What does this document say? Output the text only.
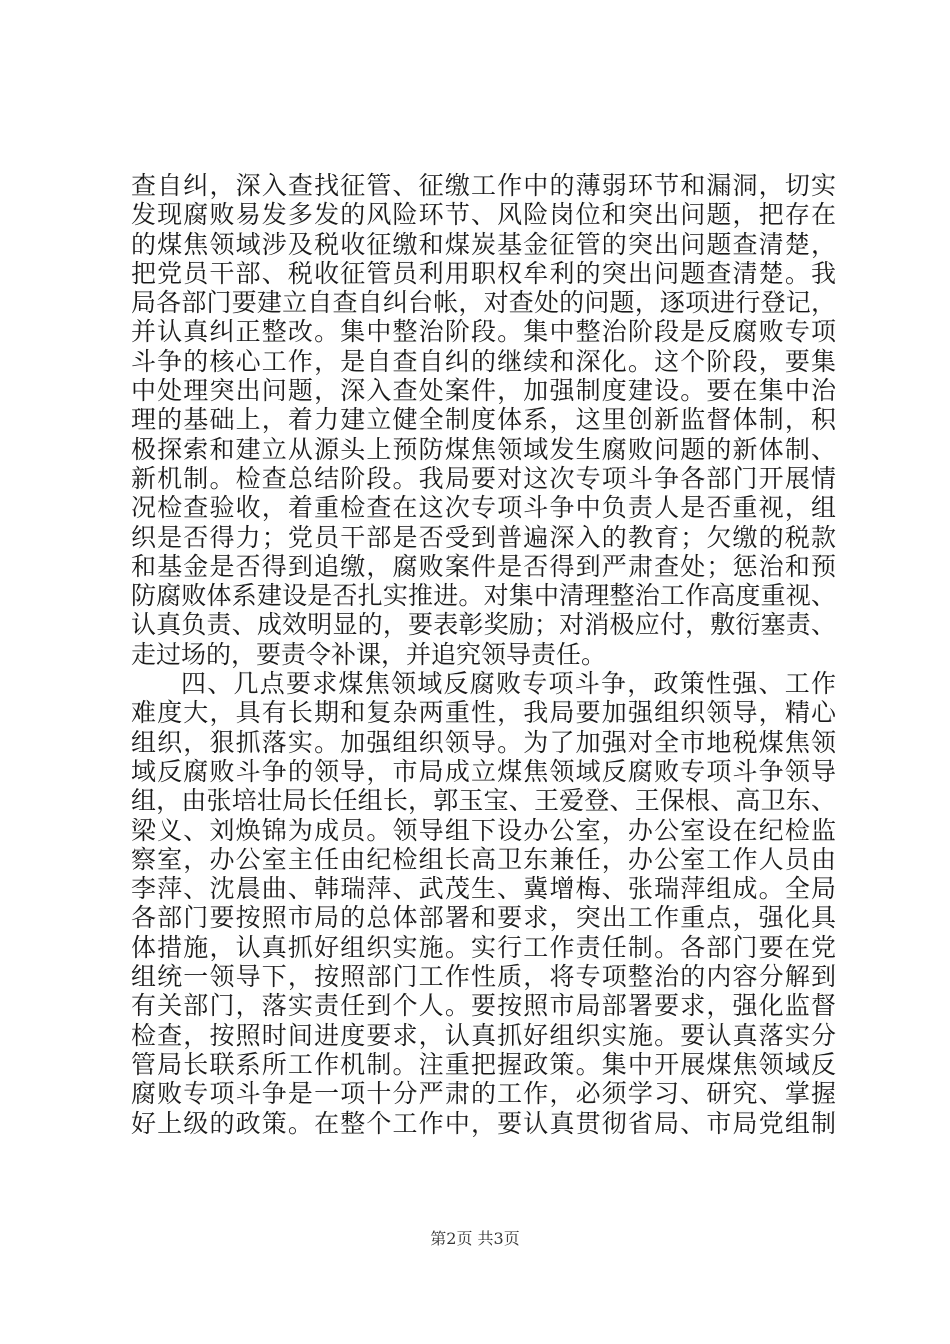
查自纠，深入查找征管、征缴工作中的薄弱环节和漏洞，切实
发现腐败易发多发的风险环节、风险岗位和突出问题，把存在
的煤焦领域涉及税收征缴和煤炭基金征管的突出问题查清楚，
把党员干部、税收征管员利用职权牟利的突出问题查清楚。我
局各部门要建立自查自纠台帐，对查处的问题，逐项进行登记，
并认真纠正整改。集中整治阶段。集中整治阶段是反腐败专项
斗争的核心工作，是自查自纠的继续和深化。这个阶段，要集
中处理突出问题，深入查处案件，加强制度建设。要在集中治
理的基础上，着力建立健全制度体系，这里创新监督体制，积
极探索和建立从源头上预防煤焦领域发生腐败问题的新体制、
新机制。检查总结阶段。我局要对这次专项斗争各部门开展情
况检查验收，着重检查在这次专项斗争中负责人是否重视，组
织是否得力；党员干部是否受到普遍深入的教育；欠缴的税款
和基金是否得到追缴，腐败案件是否得到严肃查处；惩治和预
防腐败体系建设是否扎实推进。对集中清理整治工作高度重视、
认真负责、成效明显的，要表彰奖励；对消极应付，敷衍塞责、
走过场的，要责令补课，并追究领导责任。
四、几点要求煤焦领域反腐败专项斗争，政策性强、工作
难度大，具有长期和复杂两重性，我局要加强组织领导，精心
组织，狠抓落实。加强组织领导。为了加强对全市地税煤焦领
域反腐败斗争的领导，市局成立煤焦领域反腐败专项斗争领导
组，由张培壮局长任组长，郭玉宝、王爱登、王保根、高卫东、
梁义、刘焕锦为成员。领导组下设办公室，办公室设在纪检监
察室，办公室主任由纪检组长高卫东兼任，办公室工作人员由
李萍、沈晨曲、韩瑞萍、武茂生、冀增梅、张瑞萍组成。全局
各部门要按照市局的总体部署和要求，突出工作重点，强化具
体措施，认真抓好组织实施。实行工作责任制。各部门要在党
组统一领导下，按照部门工作性质，将专项整治的内容分解到
有关部门，落实责任到个人。要按照市局部署要求，强化监督
检查，按照时间进度要求，认真抓好组织实施。要认真落实分
管局长联系所工作机制。注重把握政策。集中开展煤焦领域反
腐败专项斗争是一项十分严肃的工作，必须学习、研究、掌握
好上级的政策。在整个工作中，要认真贯彻省局、市局党组制
第2页 共3页
